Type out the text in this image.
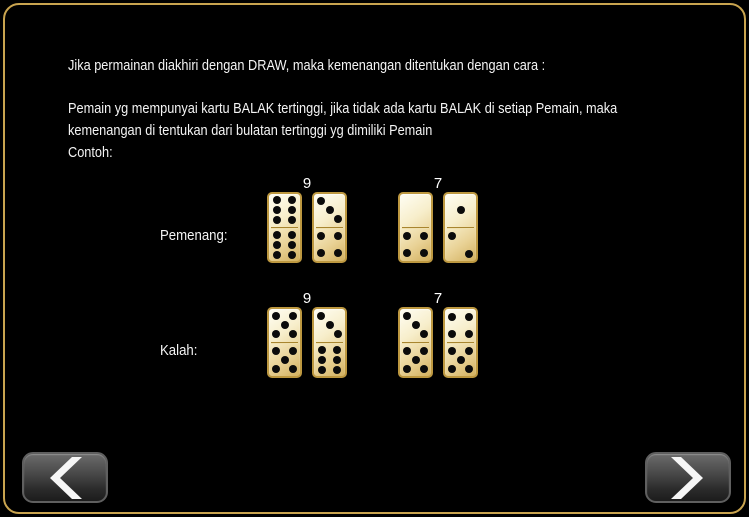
Jika permainan diakhiri dengan DRAW, maka kemenangan ditentukan dengan cara :
Pemain yg mempunyai kartu BALAK tertinggi, jika tidak ada kartu BALAK di setiap Pemain, maka
kemenangan di tentukan dari bulatan tertinggi yg dimiliki Pemain
Contoh:
Pemenang:
9	7
Kalah:
9	7
